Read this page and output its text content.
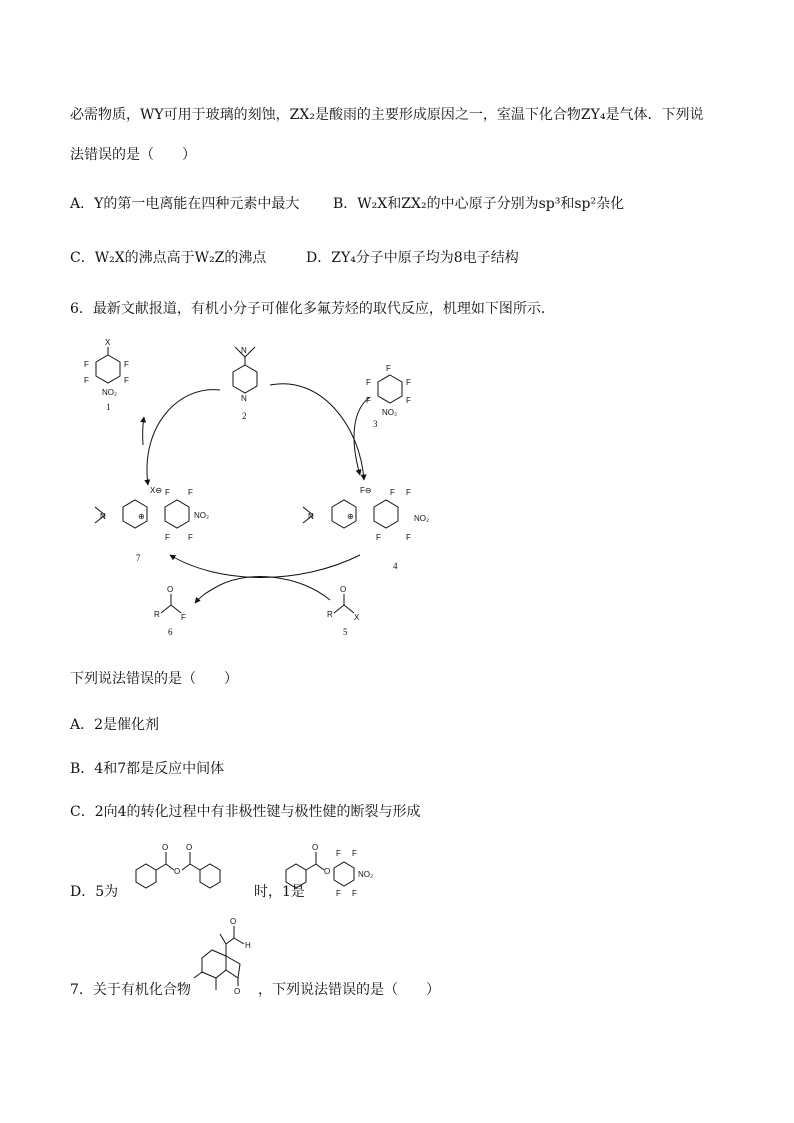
必需物质，WY可用于玻璃的刻蚀，ZX₂是酸雨的主要形成原因之一，室温下化合物ZY₄是气体．下列说
法错误的是（　　）
A．Y的第一电离能在四种元素中最大 B．W₂X和ZX₂的中心原子分别为sp³和sp²杂化
C．W₂X的沸点高于W₂Z的沸点	D．ZY₄分子中原子均为8电子结构
6．最新文献报道，有机小分子可催化多氟芳烃的取代反应，机理如下图所示．
X
F
F
F
F
NO₂
1
N
N
2
F
F
F
F
F
NO₂
3
N	⊕
X⊖ F F
F F
NO₂
7
N	⊕
F⊖ F F
F	F
NO₂
4
R
O
F
6
R
O
X
5
下列说法错误的是（　　）
A．2是催化剂
B．4和7都是反应中间体
C．2向4的转化过程中有非极性键与极性健的断裂与形成
D．5为
O
O
O
时，1是
O
O
F F
F F
NO₂
7．关于有机化合物
O
H
O ，下列说法错误的是（　　）
